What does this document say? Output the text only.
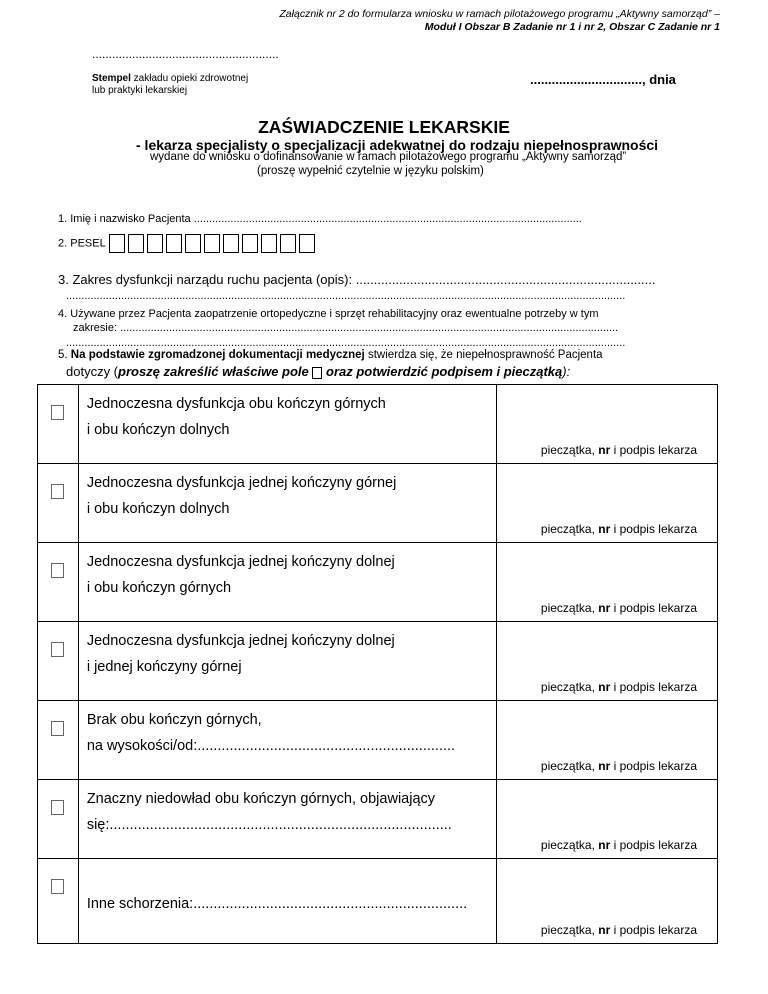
Załącznik nr 2 do formularza wniosku w ramach pilotażowego programu „Aktywny samorząd” –
Moduł I Obszar B Zadanie nr 1 i nr 2, Obszar C Zadanie nr 1
........................................................
Stempel zakładu opieki zdrowotnej
lub praktyki lekarskiej
..............................., dnia
ZAŚWIADCZENIE LEKARSKIE
- lekarza specjalisty o specjalizacji adekwatnej do rodzaju niepełnosprawności
wydane do wniosku o dofinansowanie w ramach pilotażowego programu „Aktywny samorząd”
(proszę wypełnić czytelnie w języku polskim)
1. Imię i nazwisko Pacjenta ...............................................................................................................................
2. PESEL
3. Zakres dysfunkcji narządu ruchu pacjenta (opis): ...................................................................................
.......................................................................................................................................................................................
4. Używane przez Pacjenta zaopatrzenie ortopedyczne i sprzęt rehabilitacyjny oraz ewentualne potrzeby w tym
zakresie: ...................................................................................................................................................................
.......................................................................................................................................................................................
5. Na podstawie zgromadzonej dokumentacji medycznej stwierdza się, że niepełnosprawność Pacjenta
dotyczy (proszę zakreślić właściwe pole  oraz potwierdzić podpisem i pieczątką):

	Jednoczesna dysfunkcja obu kończyn górnych
i obu kończyn dolnych	pieczątka, nr i podpis lekarza

	Jednoczesna dysfunkcja jednej kończyny górnej
i obu kończyn dolnych	pieczątka, nr i podpis lekarza

	Jednoczesna dysfunkcja jednej kończyny dolnej
i obu kończyn górnych	pieczątka, nr i podpis lekarza

	Jednoczesna dysfunkcja jednej kończyny dolnej
i jednej kończyny górnej	pieczątka, nr i podpis lekarza

	Brak obu kończyn górnych,
na wysokości/od:................................................................	pieczątka, nr i podpis lekarza

	Znaczny niedowład obu kończyn górnych, objawiający
się:.....................................................................................	pieczątka, nr i podpis lekarza

	Inne schorzenia:....................................................................	pieczątka, nr i podpis lekarza
